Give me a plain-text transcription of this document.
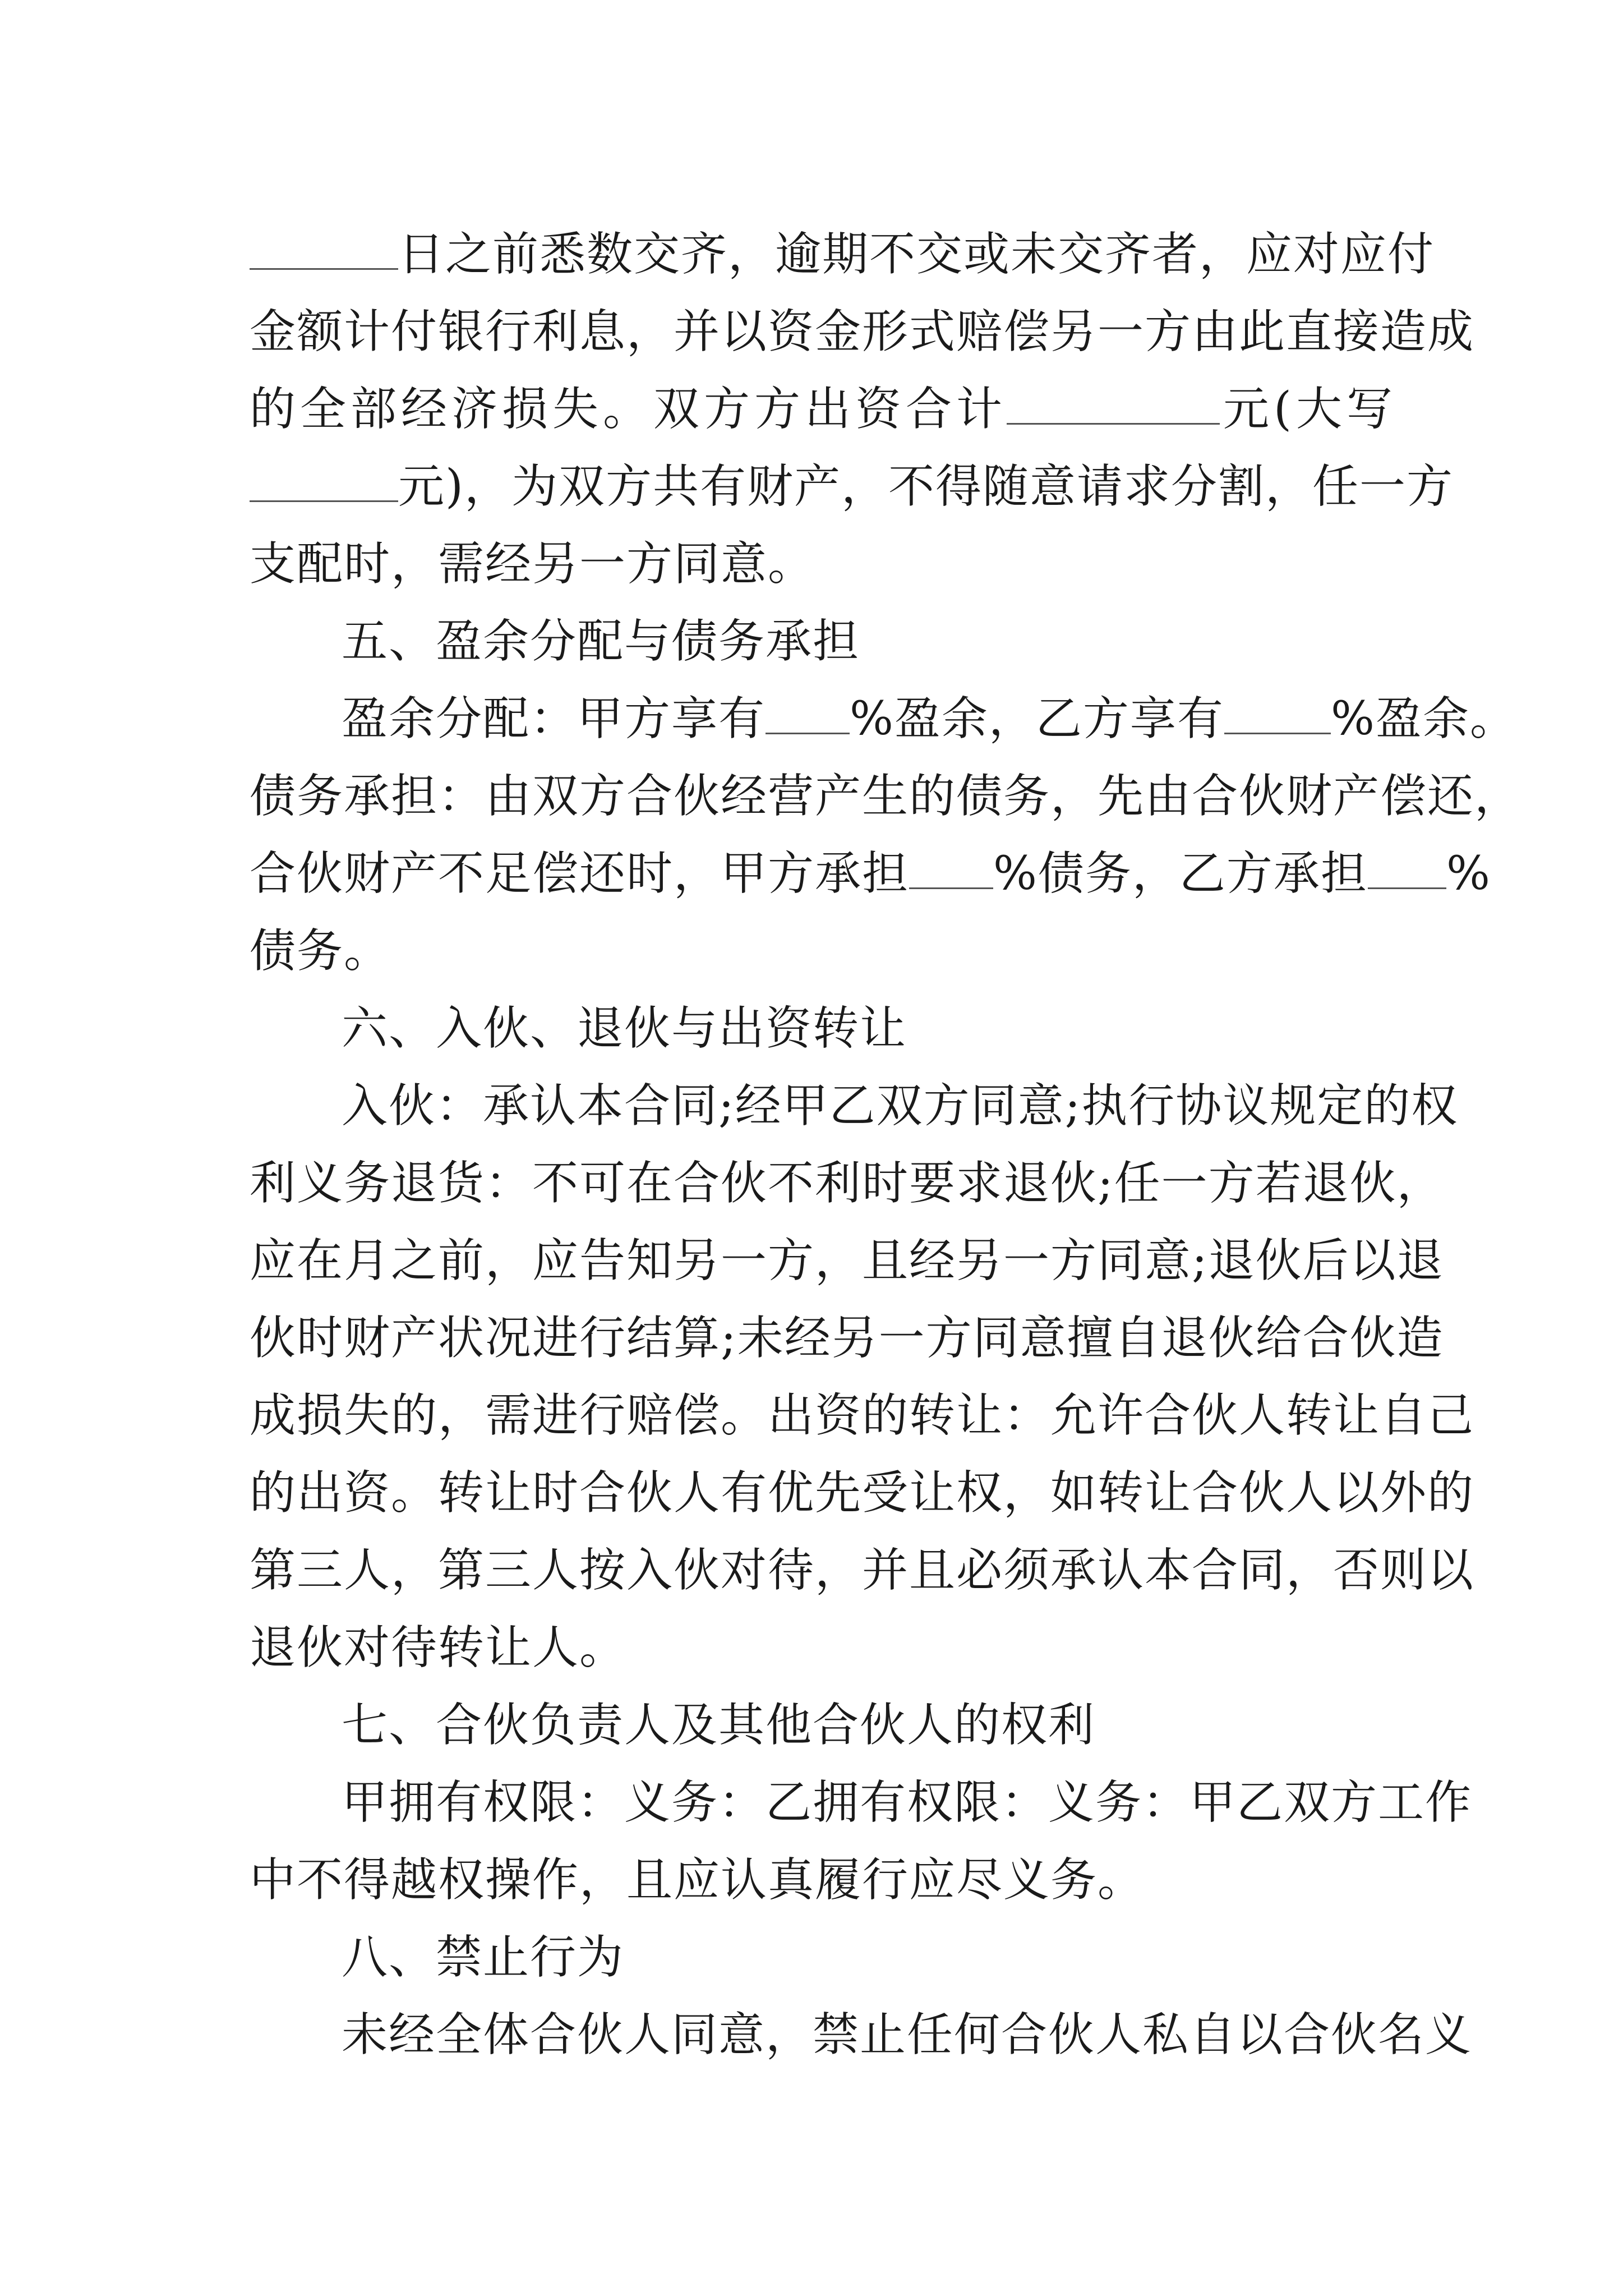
日之前悉数交齐，逾期不交或未交齐者，应对应付
金额计付银行利息，并以资金形式赔偿另一方由此直接造成
的全部经济损失。双方方出资合计	元(大写
元)，为双方共有财产，不得随意请求分割，任一方
支配时，需经另一方同意。
五、盈余分配与债务承担
盈余分配：甲方享有 %盈余，乙方享有 %盈余。
债务承担：由双方合伙经营产生的债务，先由合伙财产偿还，
合伙财产不足偿还时，甲方承担 %债务，乙方承担 %
债务。
六、入伙、退伙与出资转让
入伙：承认本合同;经甲乙双方同意;执行协议规定的权
利义务退货：不可在合伙不利时要求退伙;任一方若退伙，
应在月之前，应告知另一方，且经另一方同意;退伙后以退
伙时财产状况进行结算;未经另一方同意擅自退伙给合伙造
成损失的，需进行赔偿。出资的转让：允许合伙人转让自己
的出资。转让时合伙人有优先受让权，如转让合伙人以外的
第三人，第三人按入伙对待，并且必须承认本合同，否则以
退伙对待转让人。
七、合伙负责人及其他合伙人的权利
甲拥有权限：义务：乙拥有权限：义务：甲乙双方工作
中不得越权操作，且应认真履行应尽义务。
八、禁止行为
未经全体合伙人同意，禁止任何合伙人私自以合伙名义
